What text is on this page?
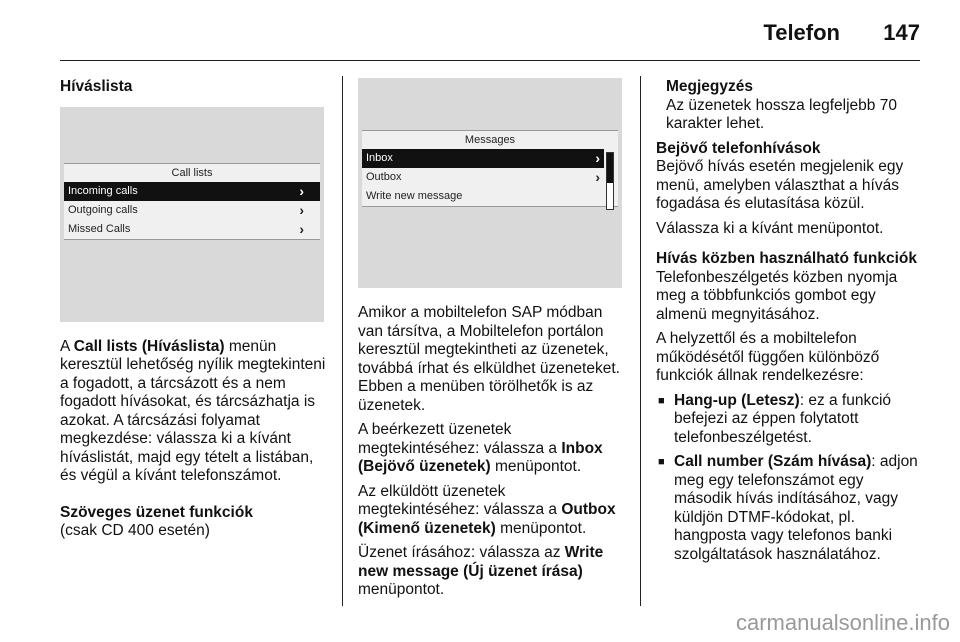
Telefon 147
Híváslista
Call lists
Incoming calls	›
Outgoing calls	›
Missed Calls	›

A Call lists (Híváslista) menün keresztül lehetőség nyílik megtekinteni a fogadott, a tárcsázott és a nem fogadott hívásokat, és tárcsázhatja is azokat. A tárcsázási folyamat megkezdése: válassza ki a kívánt híváslistát, majd egy tételt a listában, és végül a kívánt telefonszámot.

Szöveges üzenet funkciók

(csak CD 400 esetén)

Messages
Inbox	›
Outbox	›
Write new message

Amikor a mobiltelefon SAP módban van társítva, a Mobiltelefon portálon keresztül megtekintheti az üzenetek, továbbá írhat és elküldhet üzeneteket. Ebben a menüben törölhetők is az üzenetek.

A beérkezett üzenetek megtekintéséhez: válassza a Inbox (Bejövő üzenetek) menüpontot.

Az elküldött üzenetek megtekintéséhez: válassza a Outbox (Kimenő üzenetek) menüpontot.

Üzenet írásához: válassza az Write new message (Új üzenet írása) menüpontot.

Megjegyzés
Az üzenetek hossza legfeljebb 70 karakter lehet.
Bejövő telefonhívások

Bejövő hívás esetén megjelenik egy menü, amelyben választhat a hívás fogadása és elutasítása közül.

Válassza ki a kívánt menüpontot.

Hívás közben használható funkciók

Telefonbeszélgetés közben nyomja meg a többfunkciós gombot egy almenü megnyitásához.

A helyzettől és a mobiltelefon működésétől függően különböző funkciók állnak rendelkezésre:

■ Hang-up (Letesz): ez a funkció befejezi az éppen folytatott telefonbeszélgetést.
■ Call number (Szám hívása): adjon meg egy telefonszámot egy második hívás indításához, vagy küldjön DTMF-kódokat, pl. hangposta vagy telefonos banki szolgáltatások használatához.
carmanualsonline.info
